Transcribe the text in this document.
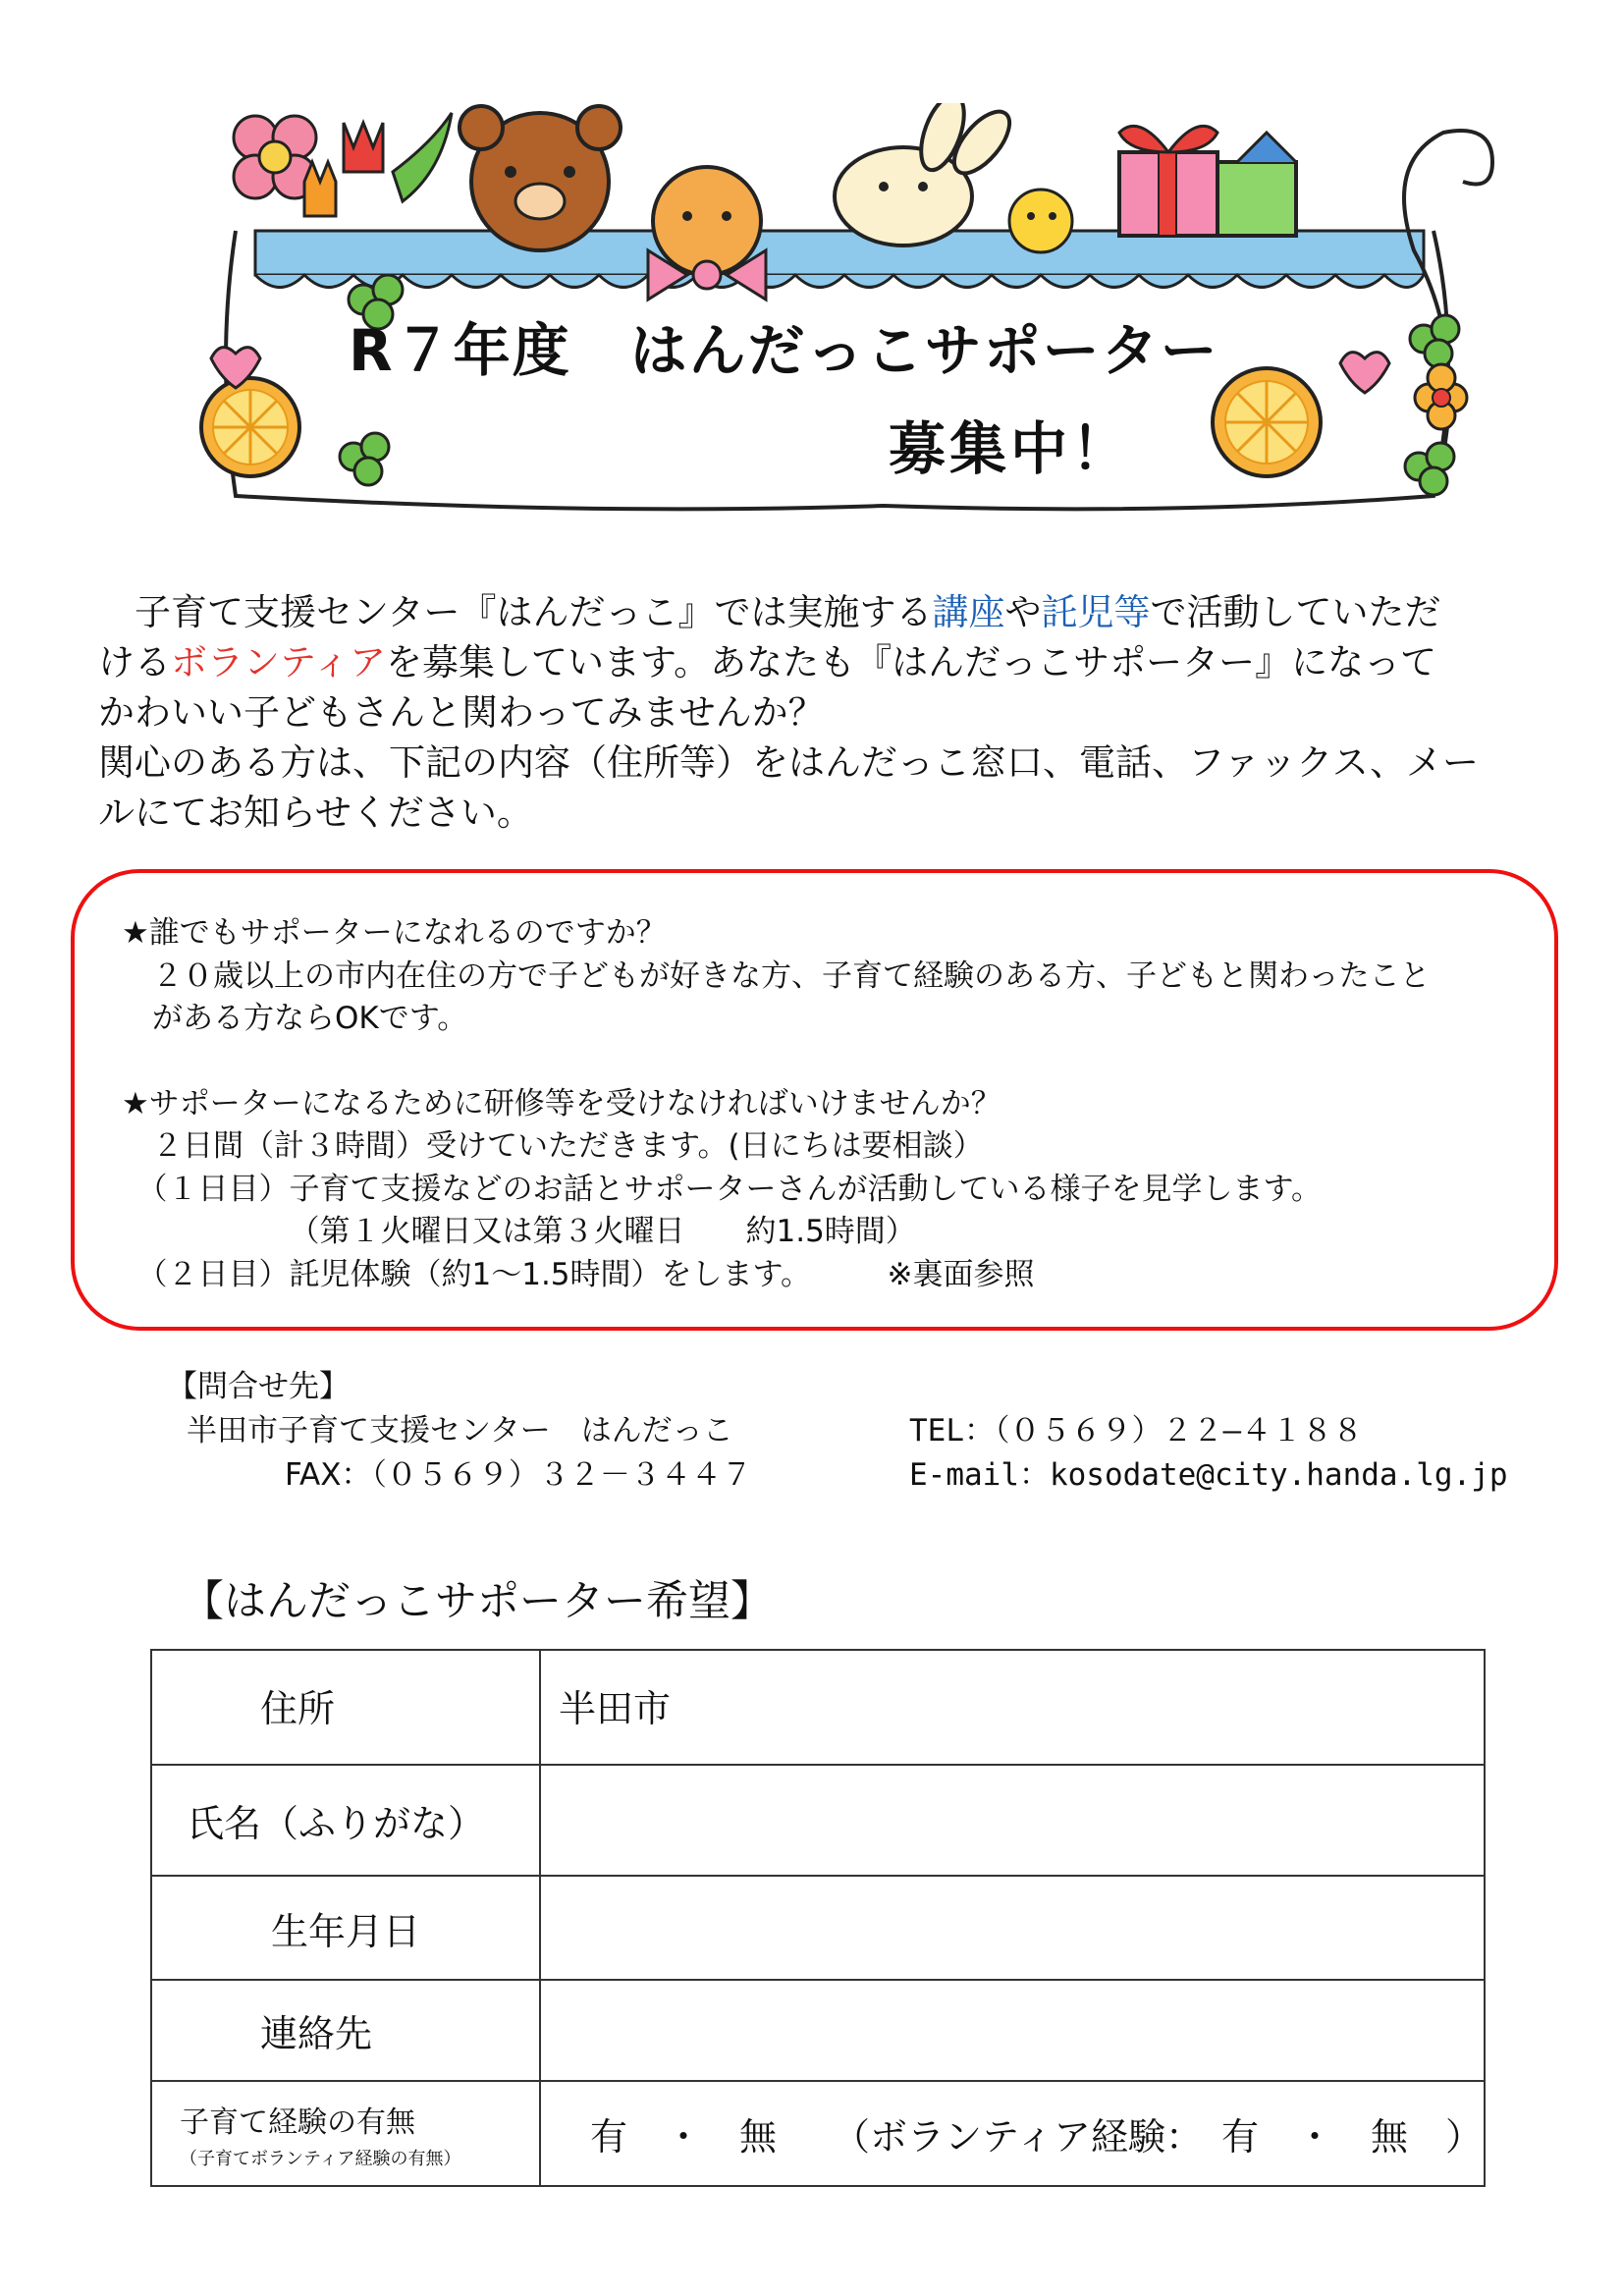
R７年度 はんだっこサポーター
募集中！

　子育て支援センター『はんだっこ』では実施する講座や託児等で活動していただ

けるボランティアを募集しています。あなたも『はんだっこサポーター』になって

かわいい子どもさんと関わってみませんか？

関心のある方は、下記の内容（住所等）をはんだっこ窓口、電話、ファックス、メー

ルにてお知らせください。

★誰でもサポーターになれるのですか？
　２０歳以上の市内在住の方で子どもが好きな方、子育て経験のある方、子どもと関わったこと
　がある方ならOKです。
★サポーターになるために研修等を受けなければいけませんか？
　２日間（計３時間）受けていただきます。(日にちは要相談）
　（１日目）子育て支援などのお話とサポーターさんが活動している様子を見学します。
　　　　　　（第１火曜日又は第３火曜日　　約1.5時間）
　（２日目）託児体験（約1～1.5時間）をします。　　　※裏面参照
【問合せ先】
半田市子育て支援センター　はんだっこ
FAX：（０５６９）３２－３４４７
TEL：（０５６９）２２―４１８８
E-mail：kosodate@city.handa.lg.jp
【はんだっこサポーター希望】
住所	半田市
氏名（ふりがな）	
生年月日	
連絡先	

子育て経験の有無
（子育てボランティア経験の有無）	有　・　無　　（ボランティア経験：　有　・　無　）
